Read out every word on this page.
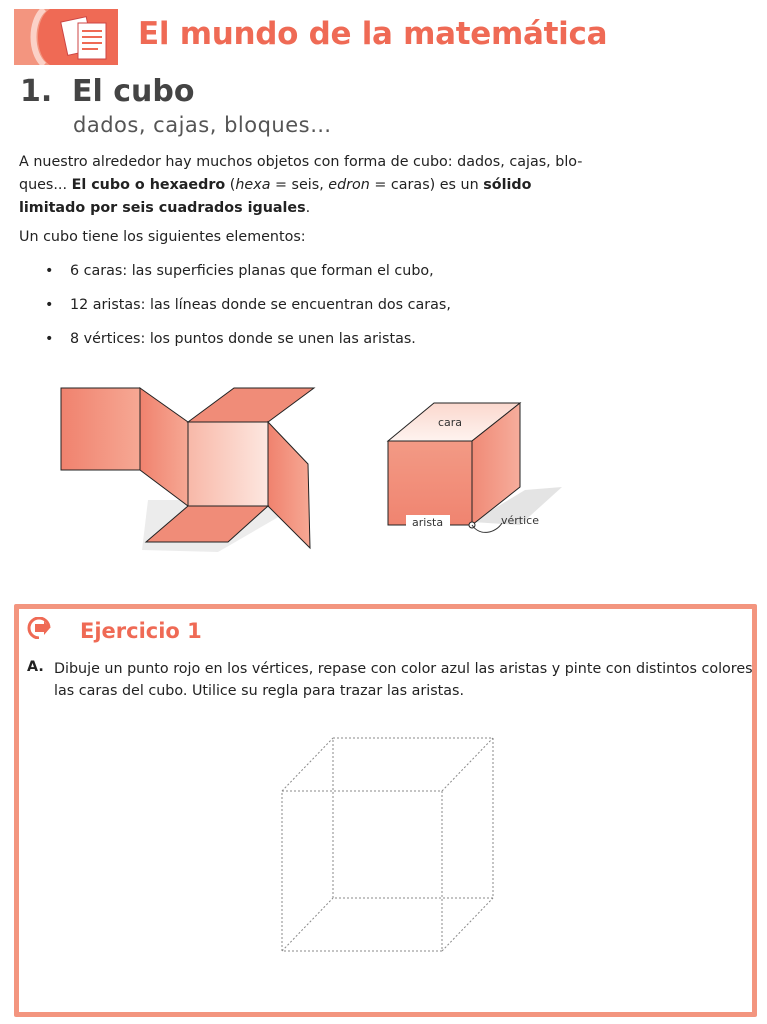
El mundo de la matemática
1. El cubo
dados, cajas, bloques…
A nuestro alrededor hay muchos objetos con forma de cubo: dados, cajas, blo-ques... El cubo o hexaedro (hexa = seis, edron = caras) es un sólido limitado por seis cuadrados iguales.
Un cubo tiene los siguientes elementos:
• 6 caras: las superficies planas que forman el cubo,
• 12 aristas: las líneas donde se encuentran dos caras,
• 8 vértices: los puntos donde se unen las aristas.
cara
arista	vértice
Ejercicio 1
A. Dibuje un punto rojo en los vértices, repase con color azul las aristas y pinte con distintos colores las caras del cubo. Utilice su regla para trazar las aristas.
